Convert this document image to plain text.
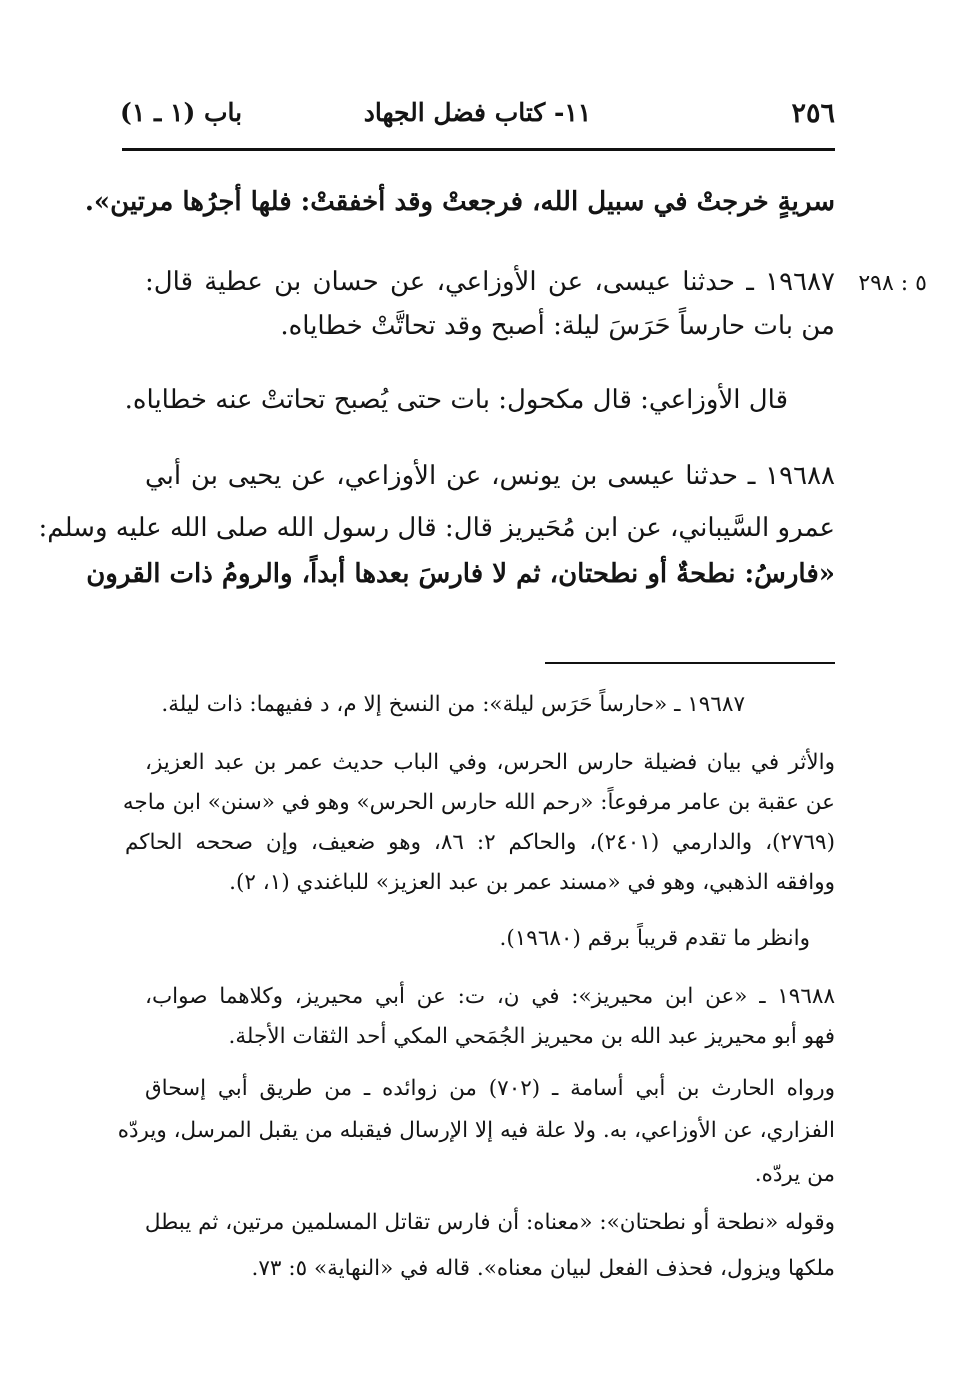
٢٥٦
١١- كتاب فضل الجهاد
باب (١ ـ ١)
سريةٍ خرجتْ في سبيل الله، فرجعتْ وقد أخفقتْ: فلها أجرُها مرتين».
٥ : ٢٩٨
١٩٦٨٧ ـ حدثنا عيسى، عن الأوزاعي، عن حسان بن عطية قال:
من بات حارساً حَرَسَ ليلة: أصبح وقد تحاتَّتْ خطاياه.
قال الأوزاعي: قال مكحول: بات حتى يُصبح تحاتتْ عنه خطاياه.
١٩٦٨٨ ـ حدثنا عيسى بن يونس، عن الأوزاعي، عن يحيى بن أبي
عمرو السَّيباني، عن ابن مُحَيريز قال: قال رسول الله صلى الله عليه وسلم:
«فارسُ: نطحةٌ أو نطحتان، ثم لا فارسَ بعدها أبداً، والرومُ ذات القرون
١٩٦٨٧ ـ «حارساً حَرَس ليلة»: من النسخ إلا م، د ففيهما: ذات ليلة.
والأثر في بيان فضيلة حارس الحرس، وفي الباب حديث عمر بن عبد العزيز،
عن عقبة بن عامر مرفوعاً: «رحم الله حارس الحرس» وهو في «سنن» ابن ماجه
(٢٧٦٩)، والدارمي (٢٤٠١)، والحاكم ٢: ٨٦، وهو ضعيف، وإن صححه الحاكم
ووافقه الذهبي، وهو في «مسند عمر بن عبد العزيز» للباغندي (١، ٢).
وانظر ما تقدم قريباً برقم (١٩٦٨٠).
١٩٦٨٨ ـ «عن ابن محيريز»: في ن، ت: عن أبي محيريز، وكلاهما صواب،
فهو أبو محيريز عبد الله بن محيريز الجُمَحي المكي أحد الثقات الأجلة.
ورواه الحارث بن أبي أسامة ـ (٧٠٢) من زوائده ـ من طريق أبي إسحاق
الفزاري، عن الأوزاعي، به. ولا علة فيه إلا الإرسال فيقبله من يقبل المرسل، ويردّه
من يردّه.
وقوله «نطحة أو نطحتان»: «معناه: أن فارس تقاتل المسلمين مرتين، ثم يبطل
ملكها ويزول، فحذف الفعل لبيان معناه». قاله في «النهاية» ٥: ٧٣.
